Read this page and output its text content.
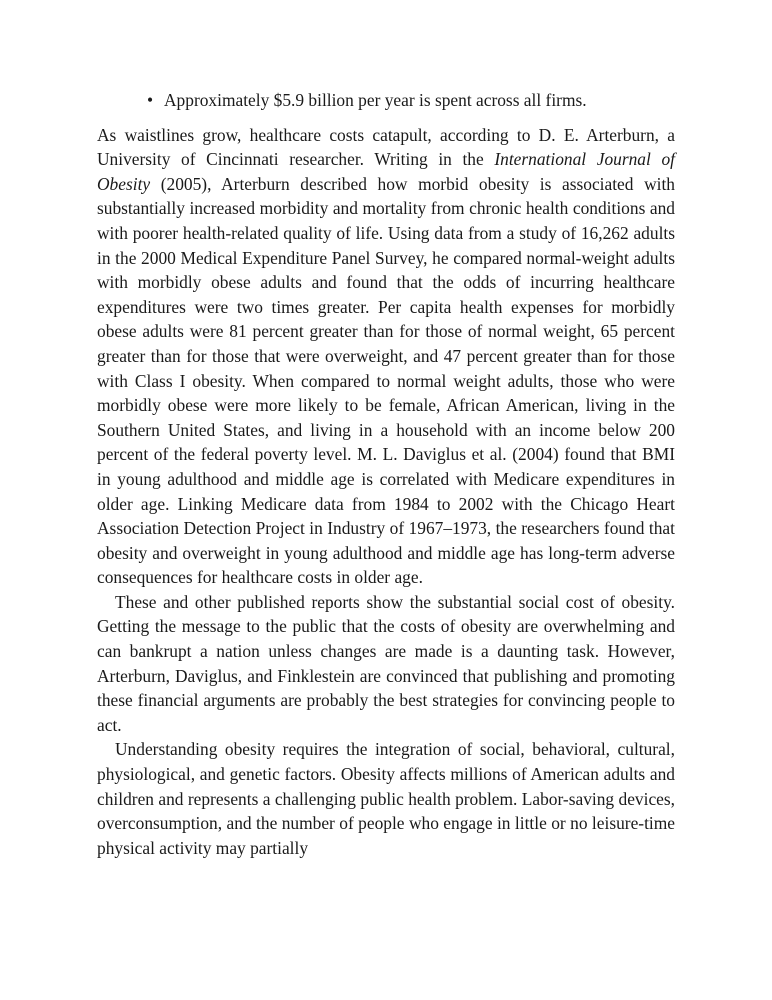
• Approximately $5.9 billion per year is spent across all firms.

As waistlines grow, healthcare costs catapult, according to D. E. Arterburn, a University of Cincinnati researcher. Writing in the International Journal of Obesity (2005), Arterburn described how morbid obesity is associated with substantially increased morbidity and mortality from chronic health conditions and with poorer health-related quality of life. Using data from a study of 16,262 adults in the 2000 Medical Expenditure Panel Survey, he compared normal-weight adults with morbidly obese adults and found that the odds of incurring healthcare expenditures were two times greater. Per capita health expenses for morbidly obese adults were 81 percent greater than for those of normal weight, 65 percent greater than for those that were overweight, and 47 percent greater than for those with Class I obesity. When compared to normal weight adults, those who were morbidly obese were more likely to be female, African American, living in the Southern United States, and living in a household with an income below 200 percent of the federal poverty level. M. L. Daviglus et al. (2004) found that BMI in young adulthood and middle age is correlated with Medicare expenditures in older age. Linking Medicare data from 1984 to 2002 with the Chicago Heart Association Detection Project in Industry of 1967–1973, the researchers found that obesity and overweight in young adulthood and middle age has long-term adverse consequences for healthcare costs in older age.

These and other published reports show the substantial social cost of obesity. Getting the message to the public that the costs of obesity are overwhelming and can bankrupt a nation unless changes are made is a daunting task. However, Arterburn, Daviglus, and Finklestein are convinced that publishing and promoting these financial arguments are probably the best strategies for convincing people to act.

Understanding obesity requires the integration of social, behavioral, cultural, physiological, and genetic factors. Obesity affects millions of American adults and children and represents a challenging public health problem. Labor-saving devices, overconsumption, and the number of people who engage in little or no leisure-time physical activity may partially
